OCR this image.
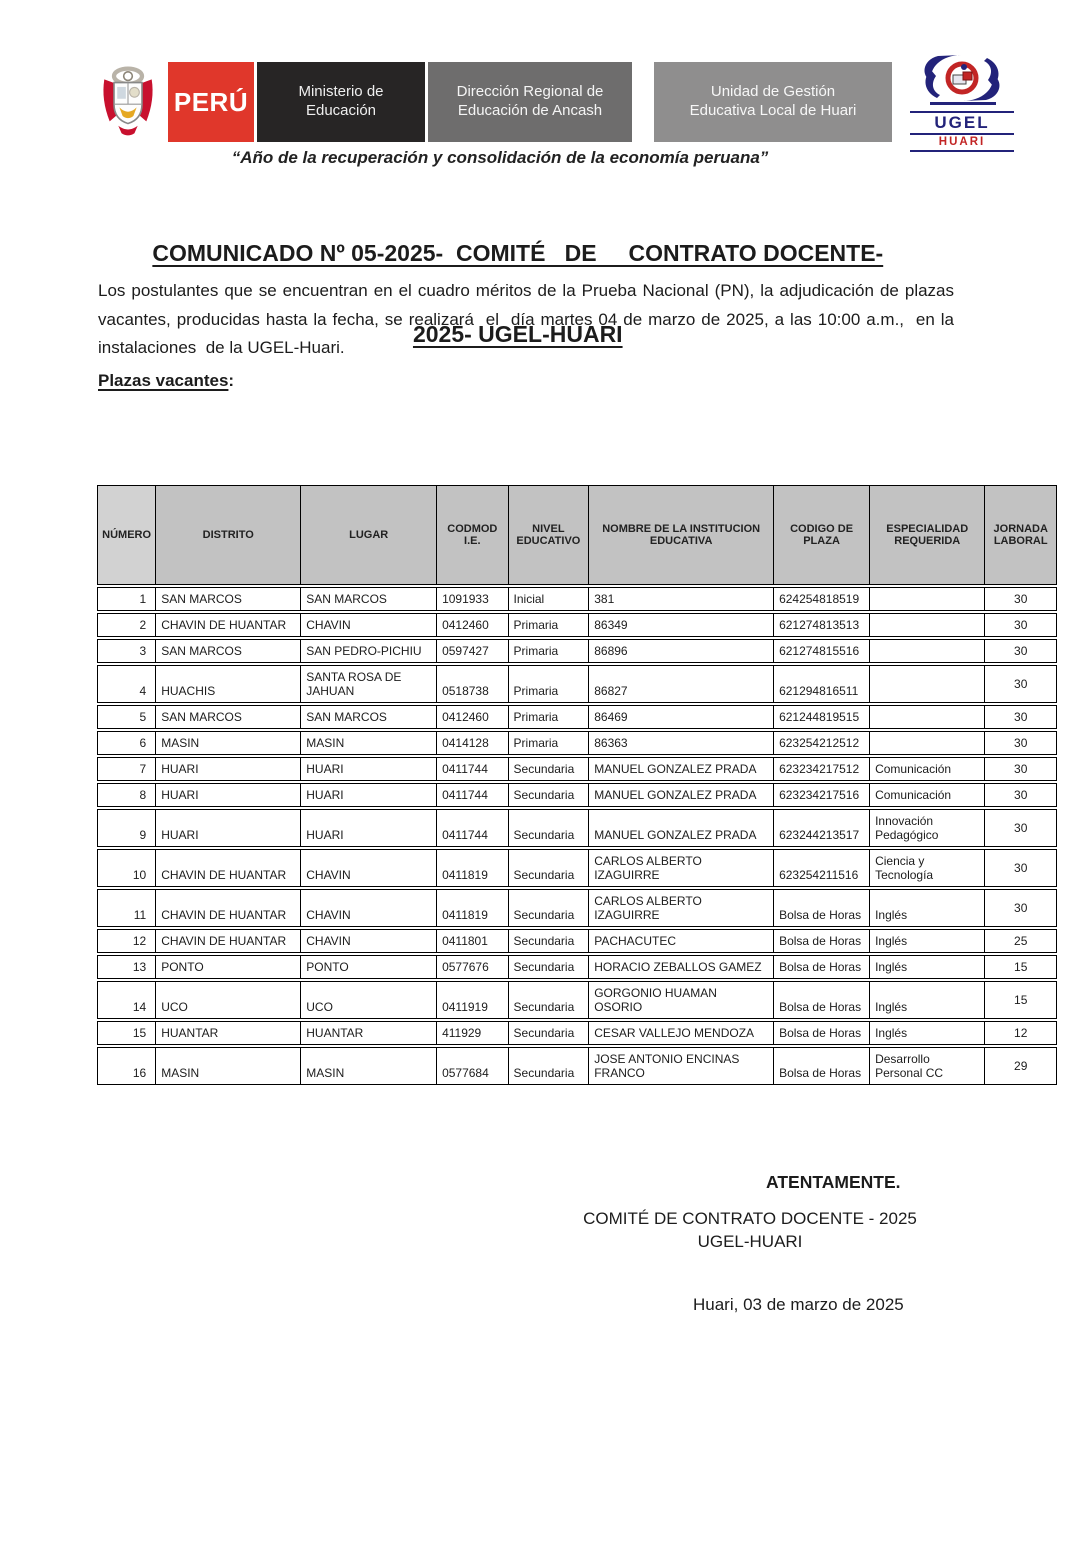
PERÚ	Ministerio de
Educación
Dirección Regional de
Educación de Ancash
Unidad de Gestión
Educativa Local de Huari
UGEL
HUARI
“Año de la recuperación y consolidación de la economía peruana”

COMUNICADO Nº 05-2025-  COMITÉ   DE     CONTRATO DOCENTE-

2025- UGEL-HUARI

Los postulantes que se encuentran en el cuadro méritos de la Prueba Nacional (PN), la adjudicación de plazas vacantes, producidas hasta la fecha, se realizará  el  día martes 04 de marzo de 2025, a las 10:00 a.m.,  en la instalaciones  de la UGEL-Huari.
Plazas vacantes:
NÚMERO	DISTRITO	LUGAR	CODMOD I.E.	NIVEL EDUCATIVO	NOMBRE DE LA INSTITUCION EDUCATIVA	CODIGO DE PLAZA	ESPECIALIDAD REQUERIDA	JORNADA LABORAL
1	SAN MARCOS	SAN MARCOS	1091933	Inicial	381	624254818519		30
2	CHAVIN DE HUANTAR	CHAVIN	0412460	Primaria	86349	621274813513		30
3	SAN MARCOS	SAN PEDRO-PICHIU	0597427	Primaria	86896	621274815516		30
4	HUACHIS	SANTA ROSA DE JAHUAN	0518738	Primaria	86827	621294816511		30
5	SAN MARCOS	SAN MARCOS	0412460	Primaria	86469	621244819515		30
6	MASIN	MASIN	0414128	Primaria	86363	623254212512		30
7	HUARI	HUARI	0411744	Secundaria	MANUEL GONZALEZ PRADA	623234217512	Comunicación	30
8	HUARI	HUARI	0411744	Secundaria	MANUEL GONZALEZ PRADA	623234217516	Comunicación	30
9	HUARI	HUARI	0411744	Secundaria	MANUEL GONZALEZ PRADA	623244213517	Innovación Pedagógico	30
10	CHAVIN DE HUANTAR	CHAVIN	0411819	Secundaria	CARLOS ALBERTO IZAGUIRRE	623254211516	Ciencia y Tecnología	30
11	CHAVIN DE HUANTAR	CHAVIN	0411819	Secundaria	CARLOS ALBERTO IZAGUIRRE	Bolsa de Horas	Inglés	30
12	CHAVIN DE HUANTAR	CHAVIN	0411801	Secundaria	PACHACUTEC	Bolsa de Horas	Inglés	25
13	PONTO	PONTO	0577676	Secundaria	HORACIO ZEBALLOS GAMEZ	Bolsa de Horas	Inglés	15
14	UCO	UCO	0411919	Secundaria	GORGONIO HUAMAN OSORIO	Bolsa de Horas	Inglés	15
15	HUANTAR	HUANTAR	411929	Secundaria	CESAR VALLEJO MENDOZA	Bolsa de Horas	Inglés	12
16	MASIN	MASIN	0577684	Secundaria	JOSE ANTONIO ENCINAS FRANCO	Bolsa de Horas	Desarrollo Personal CC	29
ATENTAMENTE.
COMITÉ DE CONTRATO DOCENTE - 2025
UGEL-HUARI
Huari, 03 de marzo de 2025
